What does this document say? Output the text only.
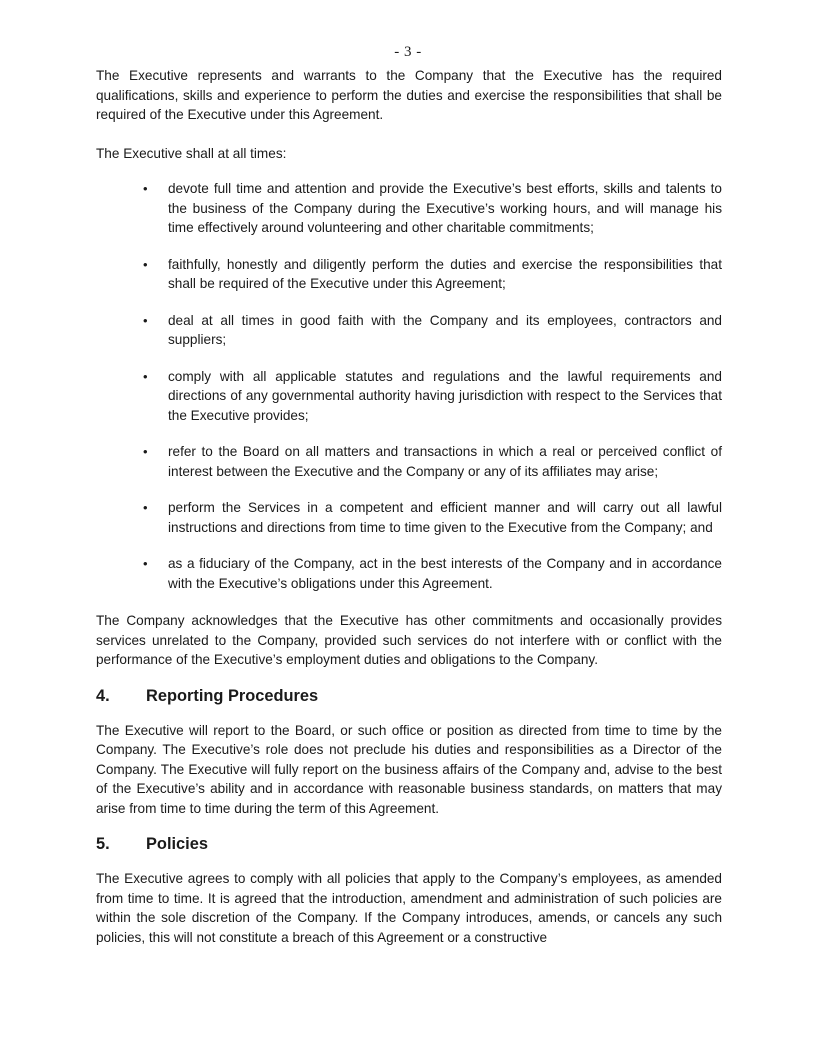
- 3 -

The Executive represents and warrants to the Company that the Executive has the required qualifications, skills and experience to perform the duties and exercise the responsibilities that shall be required of the Executive under this Agreement.

The Executive shall at all times:

• devote full time and attention and provide the Executive’s best efforts, skills and talents to the business of the Company during the Executive’s working hours, and will manage his time effectively around volunteering and other charitable commitments;
• faithfully, honestly and diligently perform the duties and exercise the responsibilities that shall be required of the Executive under this Agreement;
• deal at all times in good faith with the Company and its employees, contractors and suppliers;
• comply with all applicable statutes and regulations and the lawful requirements and directions of any governmental authority having jurisdiction with respect to the Services that the Executive provides;
• refer to the Board on all matters and transactions in which a real or perceived conflict of interest between the Executive and the Company or any of its affiliates may arise;
• perform the Services in a competent and efficient manner and will carry out all lawful instructions and directions from time to time given to the Executive from the Company; and
• as a fiduciary of the Company, act in the best interests of the Company and in accordance with the Executive’s obligations under this Agreement.

The Company acknowledges that the Executive has other commitments and occasionally provides services unrelated to the Company, provided such services do not interfere with or conflict with the performance of the Executive’s employment duties and obligations to the Company.

4.	Reporting Procedures

The Executive will report to the Board, or such office or position as directed from time to time by the Company. The Executive’s role does not preclude his duties and responsibilities as a Director of the Company. The Executive will fully report on the business affairs of the Company and, advise to the best of the Executive’s ability and in accordance with reasonable business standards, on matters that may arise from time to time during the term of this Agreement.

5.	Policies

The Executive agrees to comply with all policies that apply to the Company’s employees, as amended from time to time. It is agreed that the introduction, amendment and administration of such policies are within the sole discretion of the Company. If the Company introduces, amends, or cancels any such policies, this will not constitute a breach of this Agreement or a constructive
